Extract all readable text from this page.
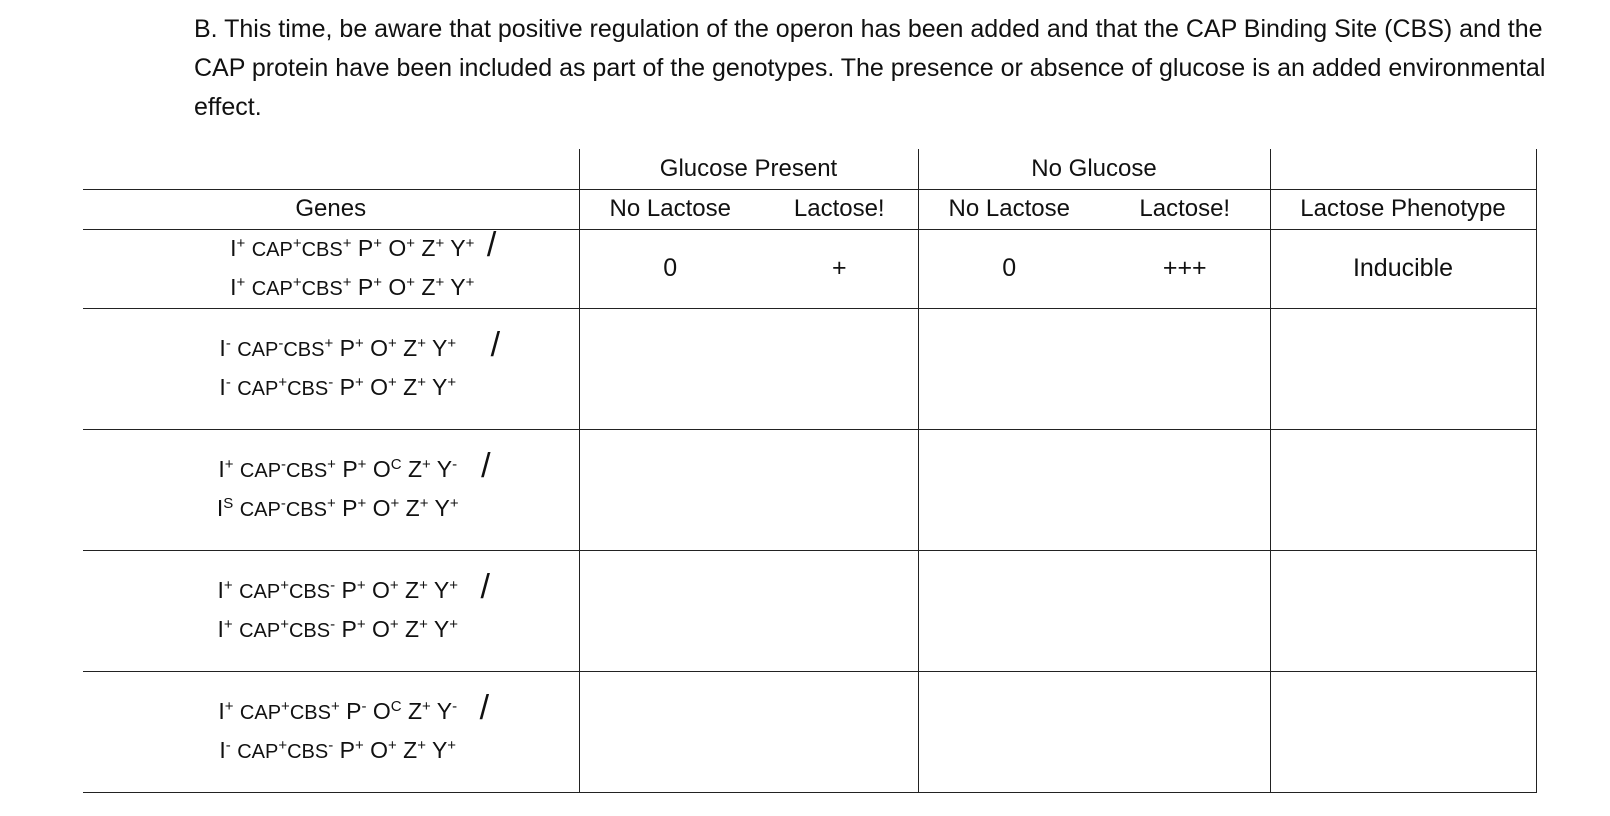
B. This time, be aware that positive regulation of the operon has been added and that the CAP Binding Site (CBS) and the CAP protein have been included as part of the genotypes. The presence or absence of glucose is an added environmental effect.

	Glucose Present		No Glucose		
Genes	No Lactose	Lactose!	No Lactose	Lactose!	Lactose Phenotype

I+ CAP+CBS+ P+ O+ Z+ Y+
I+ CAP+CBS+ P+ O+ Z+ Y+
/	0	+	0	+++	Inducible

I- CAP-CBS+ P+ O+ Z+ Y+
I- CAP+CBS- P+ O+ Z+ Y+
/					

I+ CAP-CBS+ P+ $O^C$ Z+ Y-
$I^S$ CAP-CBS+ P+ O+ Z+ Y+
/					

I+ CAP+CBS- P+ O+ Z+ Y+
I+ CAP+CBS- P+ O+ Z+ Y+
/					

I+ CAP+CBS+ P- $O^C$ Z+ Y-
I- CAP+CBS- P+ O+ Z+ Y+
/					
